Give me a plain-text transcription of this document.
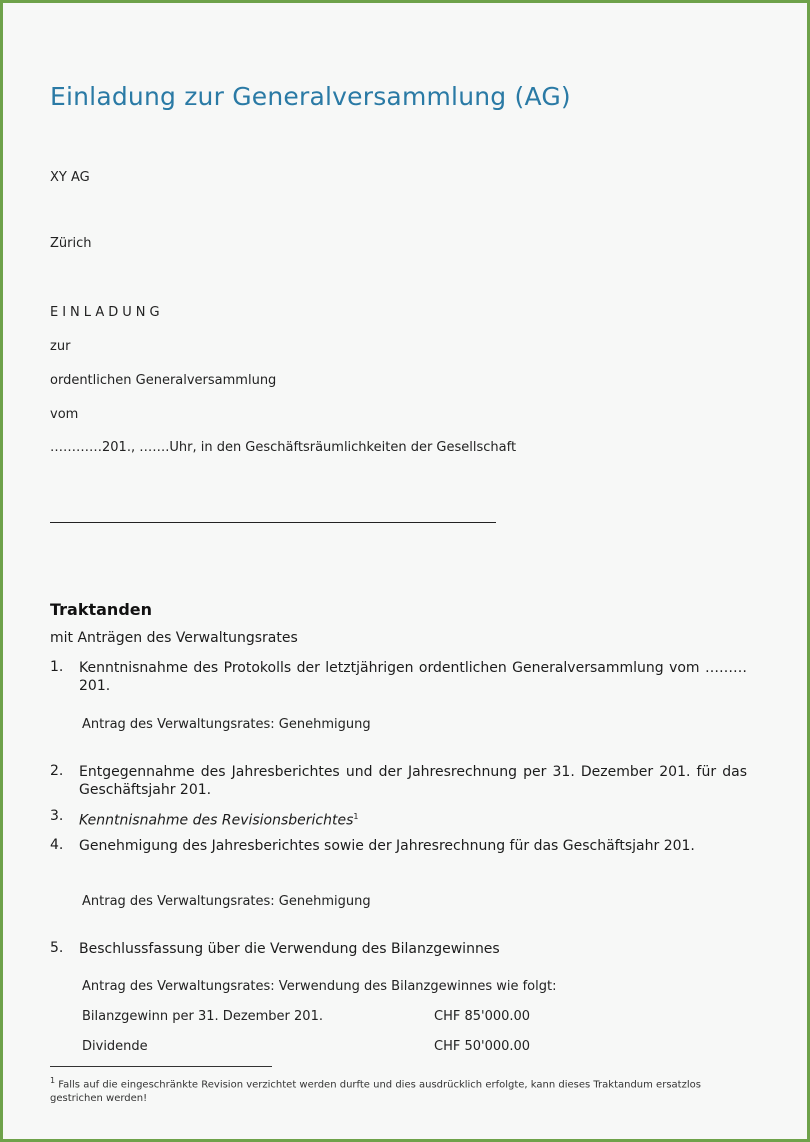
Einladung zur Generalversammlung (AG)
XY AG
Zürich
EINLADUNG
zur
ordentlichen Generalversammlung
vom
…………201., …….Uhr, in den Geschäftsräumlichkeiten der Gesellschaft
Traktanden
mit Anträgen des Verwaltungsrates
1.	Kenntnisnahme des Protokolls der letztjährigen ordentlichen Generalversammlung vom ………201.
Antrag des Verwaltungsrates: Genehmigung
2.	Entgegennahme des Jahresberichtes und der Jahresrechnung per 31. Dezember 201. für das Geschäftsjahr 201.
3.	Kenntnisnahme des Revisionsberichtes$^1$
4.	Genehmigung des Jahresberichtes sowie der Jahresrechnung für das Geschäftsjahr 201.
Antrag des Verwaltungsrates: Genehmigung
5.	Beschlussfassung über die Verwendung des Bilanzgewinnes
Antrag des Verwaltungsrates: Verwendung des Bilanzgewinnes wie folgt:
Bilanzgewinn per 31. Dezember 201.	CHF 85'000.00
Dividende	CHF 50'000.00
$^1$ Falls auf die eingeschränkte Revision verzichtet werden durfte und dies ausdrücklich erfolgte, kann dieses Traktandum ersatzlos gestrichen werden!
